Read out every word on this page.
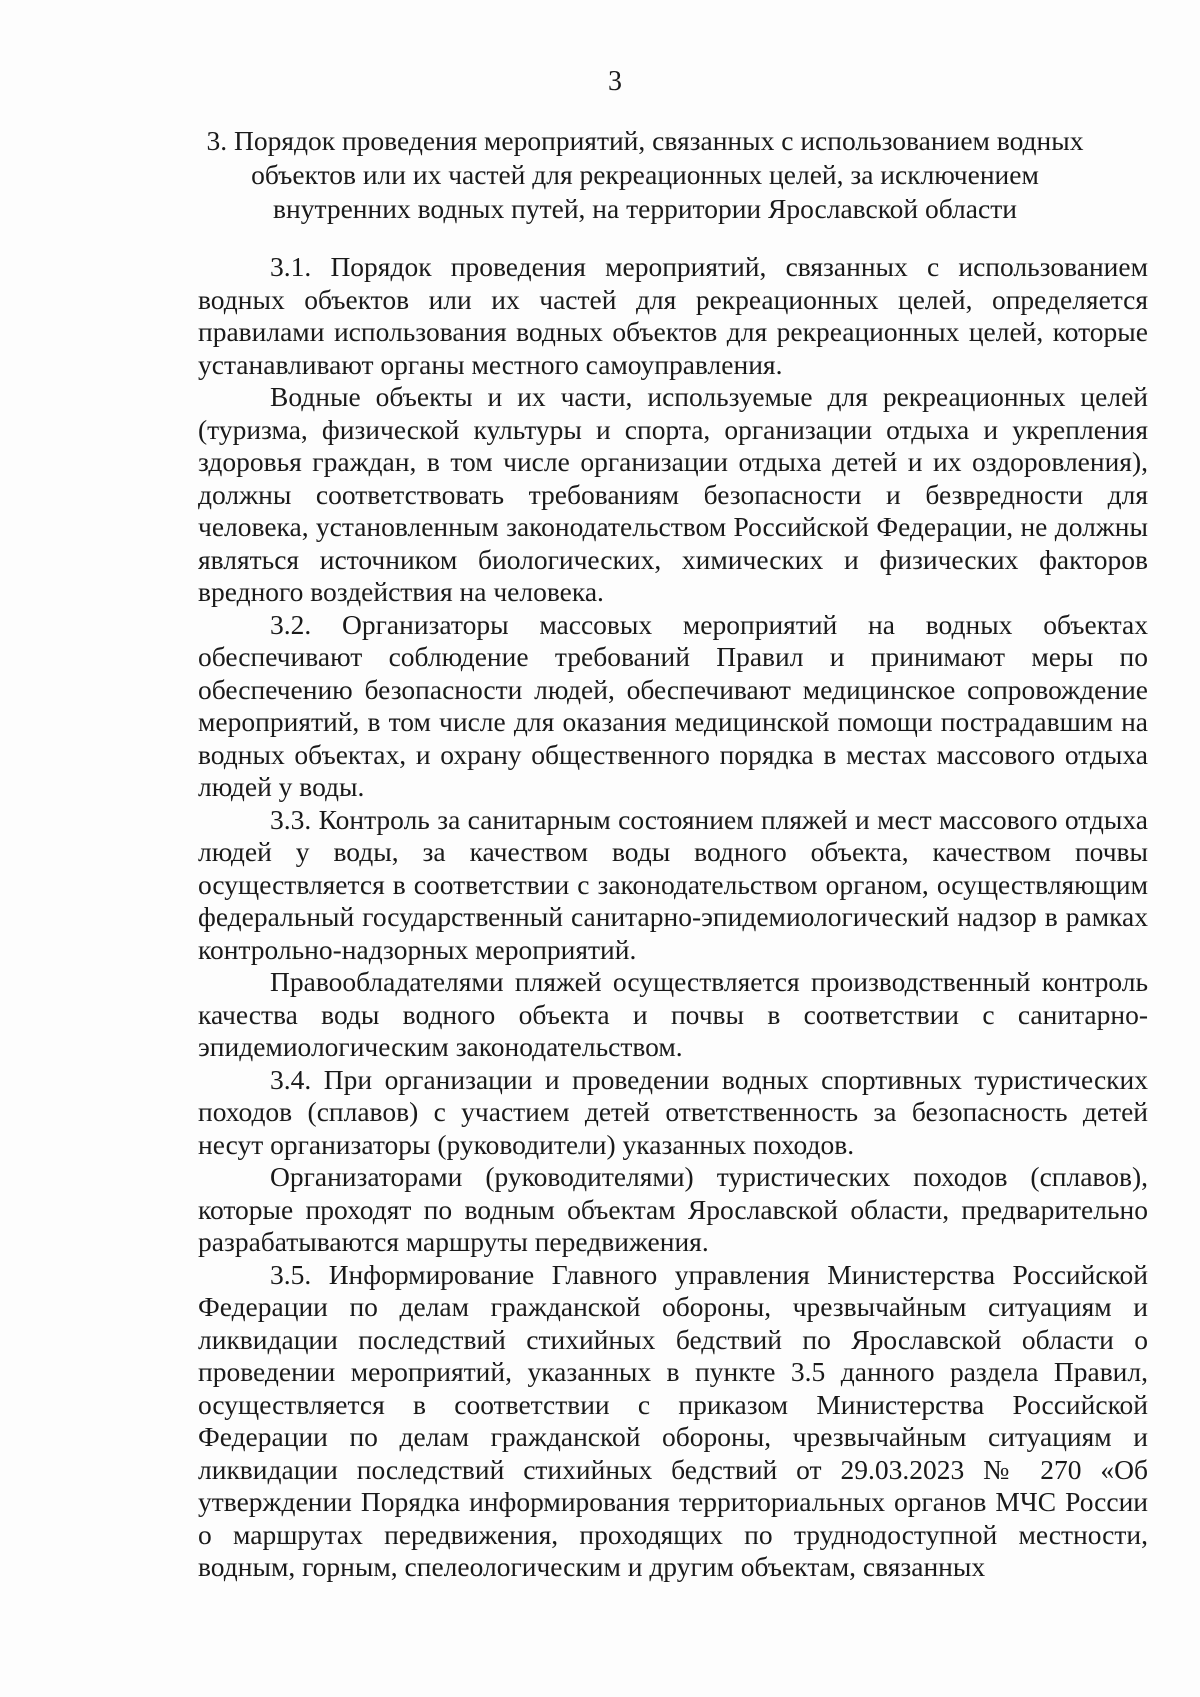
3
3. Порядок проведения мероприятий, связанных с использованием водных
объектов или их частей для рекреационных целей, за исключением
внутренних водных путей, на территории Ярославской области

3.1. Порядок проведения мероприятий, связанных с использованием водных объектов или их частей для рекреационных целей, определяется правилами использования водных объектов для рекреационных целей, которые устанавливают органы местного самоуправления.

Водные объекты и их части, используемые для рекреационных целей (туризма, физической культуры и спорта, организации отдыха и укрепления здоровья граждан, в том числе организации отдыха детей и их оздоровления), должны соответствовать требованиям безопасности и безвредности для человека, установленным законодательством Российской Федерации, не должны являться источником биологических, химических и физических факторов вредного воздействия на человека.

3.2. Организаторы массовых мероприятий на водных объектах обеспечивают соблюдение требований Правил и принимают меры по обеспечению безопасности людей, обеспечивают медицинское сопровождение мероприятий, в том числе для оказания медицинской помощи пострадавшим на водных объектах, и охрану общественного порядка в местах массового отдыха людей у воды.

3.3. Контроль за санитарным состоянием пляжей и мест массового отдыха людей у воды, за качеством воды водного объекта, качеством почвы осуществляется в соответствии с законодательством органом, осуществляющим федеральный государственный санитарно-эпидемиологический надзор в рамках контрольно-надзорных мероприятий.

Правообладателями пляжей осуществляется производственный контроль качества воды водного объекта и почвы в соответствии с санитарно-эпидемиологическим законодательством.

3.4. При организации и проведении водных спортивных туристических походов (сплавов) с участием детей ответственность за безопасность детей несут организаторы (руководители) указанных походов.

Организаторами (руководителями) туристических походов (сплавов), которые проходят по водным объектам Ярославской области, предварительно разрабатываются маршруты передвижения.

3.5. Информирование Главного управления Министерства Российской Федерации по делам гражданской обороны, чрезвычайным ситуациям и ликвидации последствий стихийных бедствий по Ярославской области о проведении мероприятий, указанных в пункте 3.5 данного раздела Правил, осуществляется в соответствии с приказом Министерства Российской Федерации по делам гражданской обороны, чрезвычайным ситуациям и ликвидации последствий стихийных бедствий от 29.03.2023 № 270 «Об утверждении Порядка информирования территориальных органов МЧС России о маршрутах передвижения, проходящих по труднодоступной местности, водным, горным, спелеологическим и другим объектам, связанных
